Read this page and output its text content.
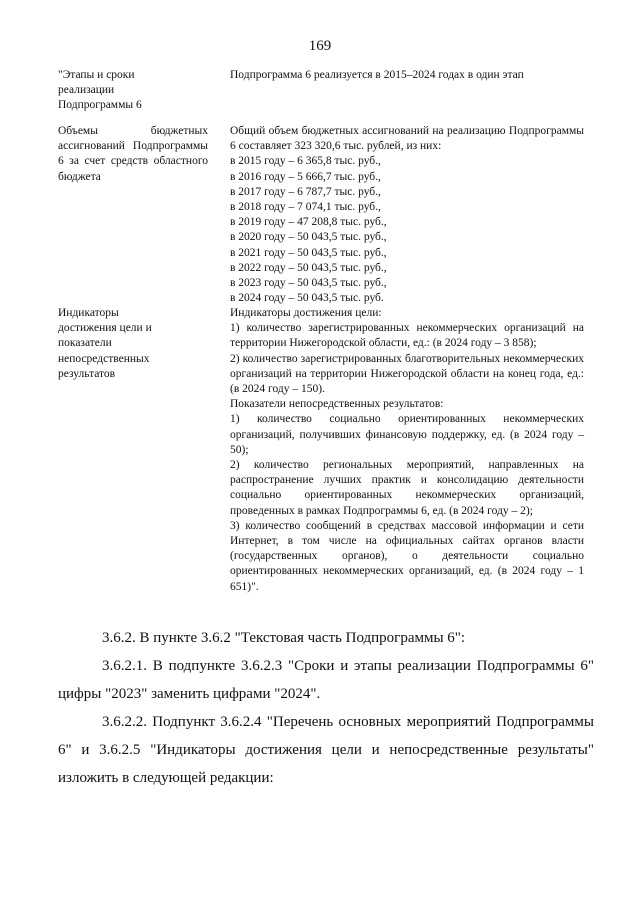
169
"Этапы и сроки реализации Подпрограммы 6
Подпрограмма 6 реализуется в 2015–2024 годах в один этап
Объемы бюджетных ассигнований Подпрограммы 6 за счет средств областного бюджета
Общий объем бюджетных ассигнований на реализацию Подпрограммы 6 составляет 323 320,6 тыс. рублей, из них:
в 2015 году – 6 365,8 тыс. руб.,
в 2016 году – 5 666,7 тыс. руб.,
в 2017 году – 6 787,7 тыс. руб.,
в 2018 году – 7 074,1 тыс. руб.,
в 2019 году – 47 208,8 тыс. руб.,
в 2020 году – 50 043,5 тыс. руб.,
в 2021 году – 50 043,5 тыс. руб.,
в 2022 году – 50 043,5 тыс. руб.,
в 2023 году – 50 043,5 тыс. руб.,
в 2024 году – 50 043,5 тыс. руб.
Индикаторы достижения цели и показатели непосредственных результатов
Индикаторы достижения цели:
1) количество зарегистрированных некоммерческих организаций на территории Нижегородской области, ед.: (в 2024 году – 3 858);
2) количество зарегистрированных благотворительных некоммерческих организаций на территории Нижегородской области на конец года, ед.: (в 2024 году – 150).
Показатели непосредственных результатов:
1) количество социально ориентированных некоммерческих организаций, получивших финансовую поддержку, ед. (в 2024 году – 50);
2) количество региональных мероприятий, направленных на распространение лучших практик и консолидацию деятельности социально ориентированных некоммерческих организаций, проведенных в рамках Подпрограммы 6, ед. (в 2024 году – 2);
3) количество сообщений в средствах массовой информации и сети Интернет, в том числе на официальных сайтах органов власти (государственных органов), о деятельности социально ориентированных некоммерческих организаций, ед. (в 2024 году – 1 651)".
3.6.2. В пункте 3.6.2 "Текстовая часть Подпрограммы 6":
3.6.2.1. В подпункте 3.6.2.3 "Сроки и этапы реализации Подпрограммы 6" цифры "2023" заменить цифрами "2024".
3.6.2.2. Подпункт 3.6.2.4 "Перечень основных мероприятий Подпрограммы 6" и 3.6.2.5 "Индикаторы достижения цели и непосредственные результаты" изложить в следующей редакции:
